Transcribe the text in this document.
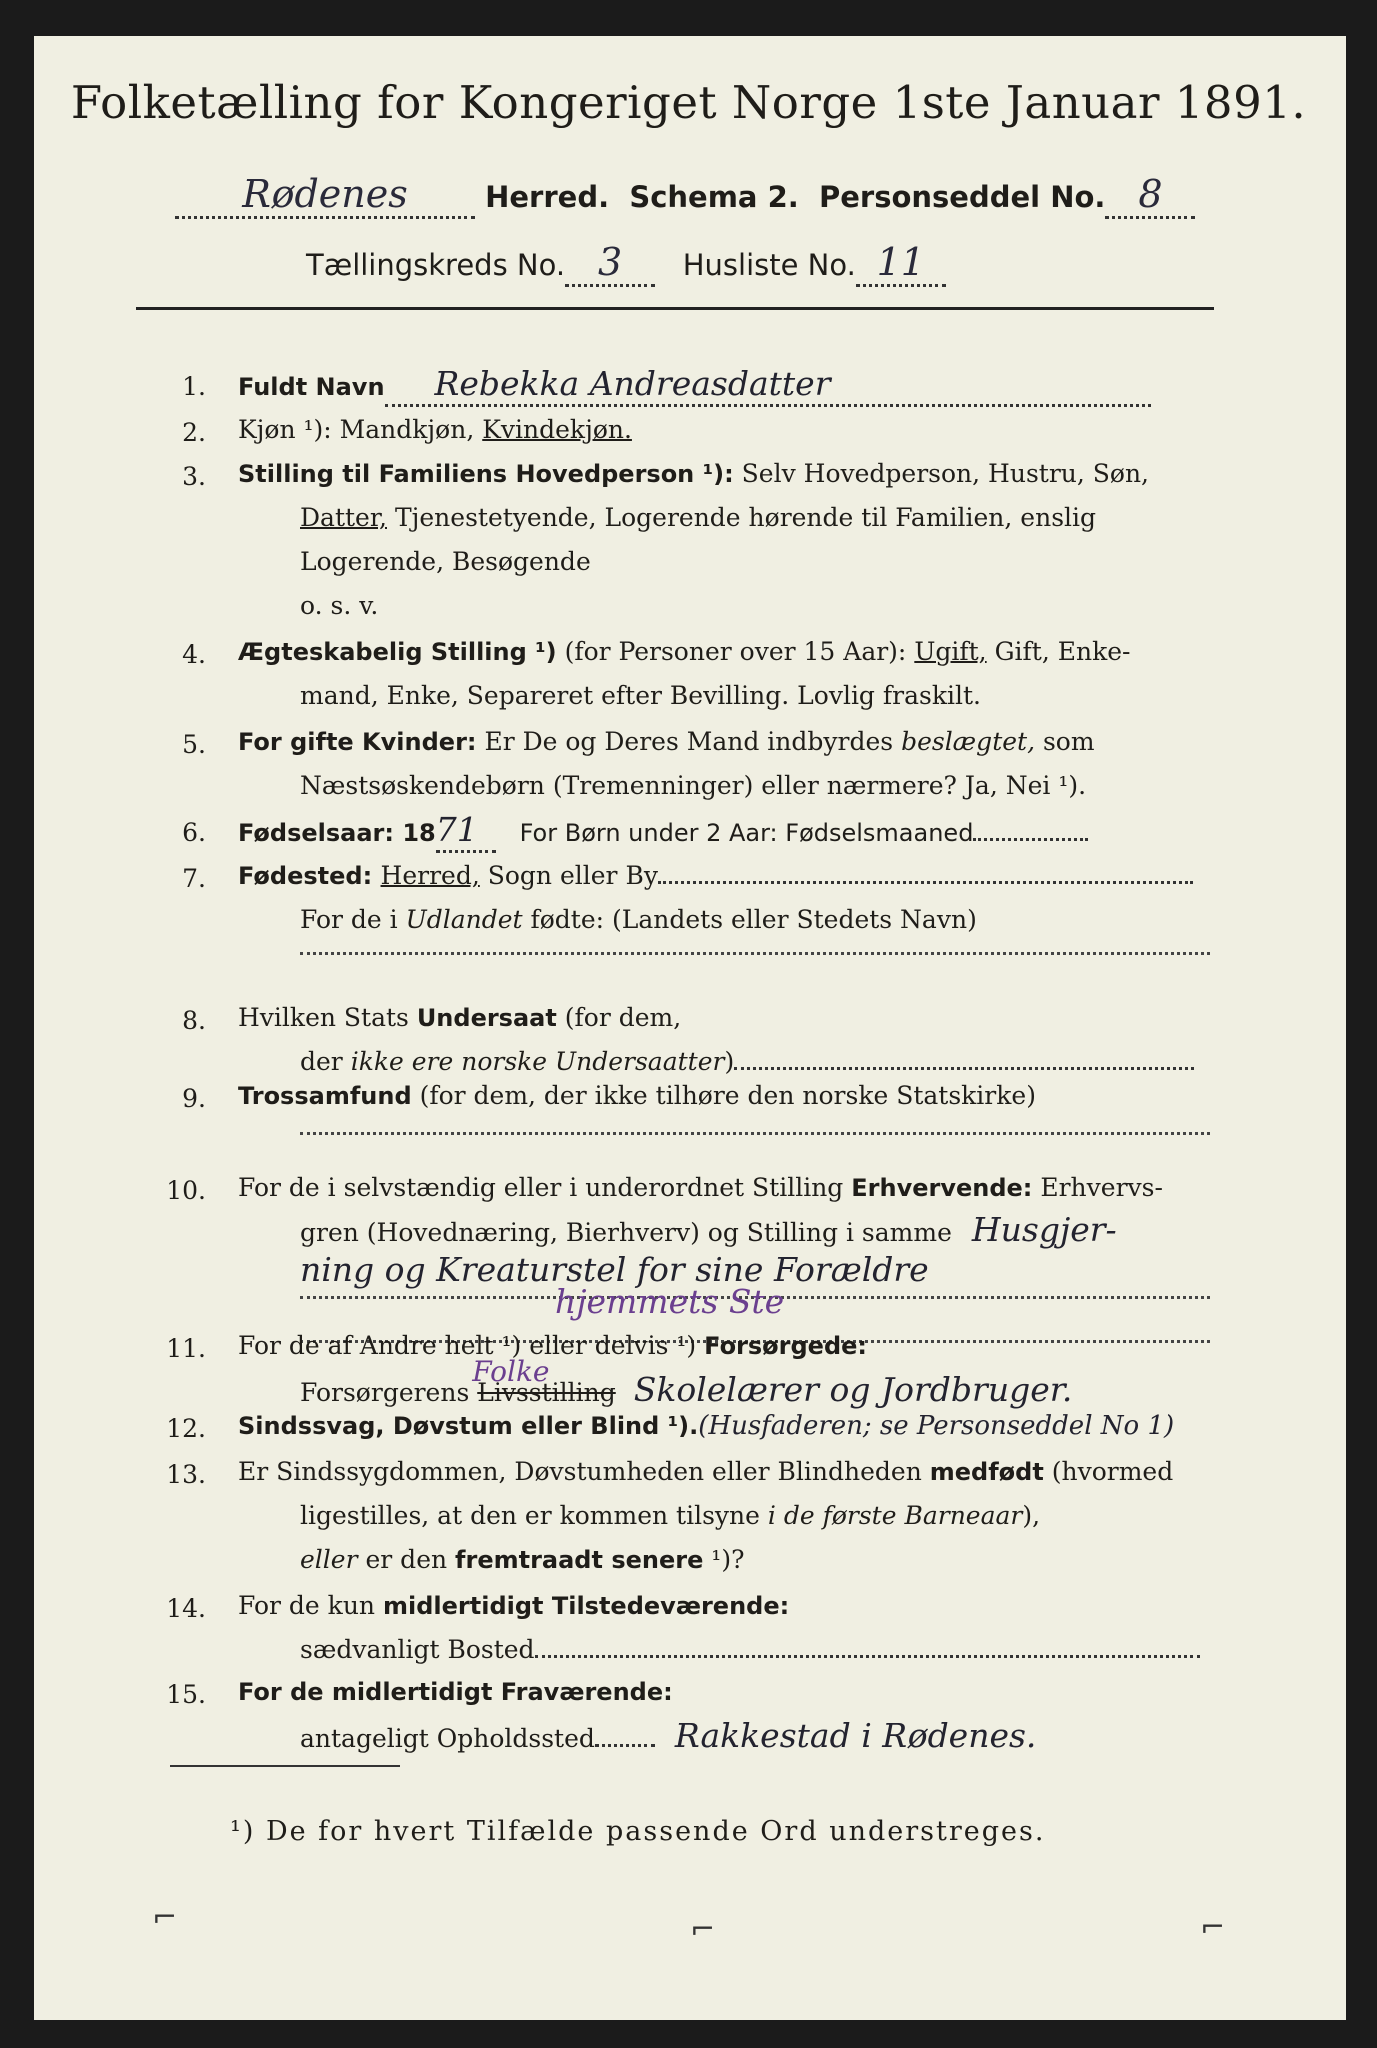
Folketælling for Kongeriget Norge 1ste Januar 1891.
Rødenes	Herred. Schema 2. Personseddel No. 8
Tællingskreds No. 3 Husliste No. 11
1. Fuldt Navn Rebekka Andreasdatter
2. Kjøn ¹): Mandkjøn, Kvindekjøn.
3. Stilling til Familiens Hovedperson ¹): Selv Hovedperson, Hustru, Søn,
Datter, Tjenestetyende, Logerende hørende til Familien, enslig
Logerende, Besøgende
o. s. v.
4. Ægteskabelig Stilling ¹) (for Personer over 15 Aar): Ugift, Gift, Enke-
mand, Enke, Separeret efter Bevilling. Lovlig fraskilt.
5. For gifte Kvinder: Er De og Deres Mand indbyrdes beslægtet, som
Næstsøskendebørn (Tremenninger) eller nærmere? Ja, Nei ¹).
6. Fødselsaar: 1871 For Børn under 2 Aar: Fødselsmaaned
7. Fødested: Herred, Sogn eller By
For de i Udlandet fødte: (Landets eller Stedets Navn)
8. Hvilken Stats Undersaat (for dem,
der ikke ere norske Undersaatter)
9. Trossamfund (for dem, der ikke tilhøre den norske Statskirke)
10. For de i selvstændig eller i underordnet Stilling Erhvervende: Erhvervs-
gren (Hovednæring, Bierhverv) og Stilling i samme Husgjer-
ning og Kreaturstel for sine Forældre
hjemmets Ste
11. For de af Andre helt ¹) eller delvis ¹) Forsørgede:
Forsørgerens
Folke
Livsstilling Skolelærer og Jordbruger.
12. Sindssvag, Døvstum eller Blind ¹).(Husfaderen; se Personseddel No 1)
13. Er Sindssygdommen, Døvstumheden eller Blindheden medfødt (hvormed
ligestilles, at den er kommen tilsyne i de første Barneaar),
eller er den fremtraadt senere ¹)?
14. For de kun midlertidigt Tilstedeværende:
sædvanligt Bosted
15. For de midlertidigt Fraværende:
antageligt Opholdssted Rakkestad i Rødenes.
¹) De for hvert Tilfælde passende Ord understreges.
⌐	⌐	⌐
